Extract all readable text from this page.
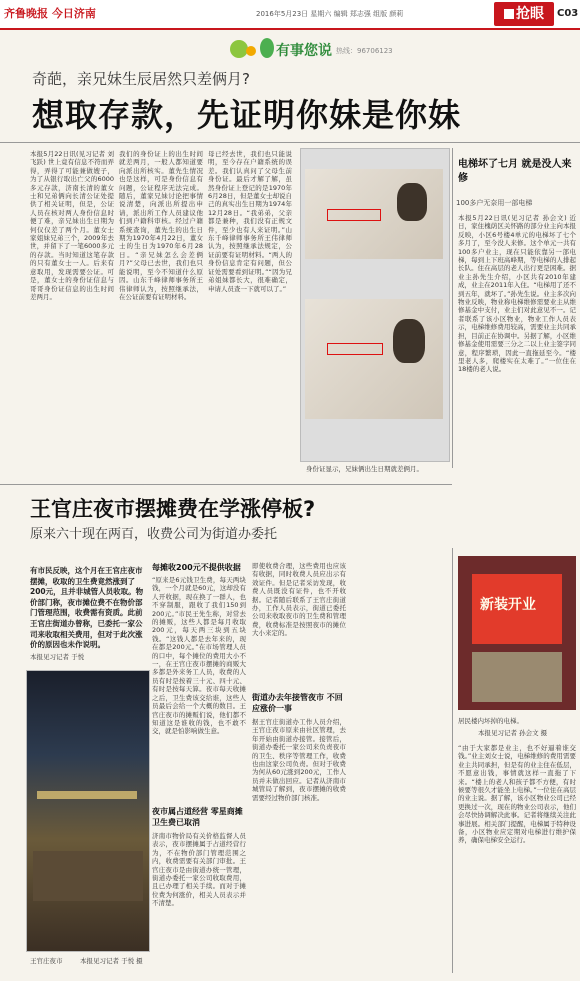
齐鲁晚报 今日济南	2016年5月23日 星期六 编辑 郑志强 组版 颜莉	抢眼	C03
有事您说 热线：96706123
奇葩，亲兄妹生辰居然只差俩月?
想取存款，先证明你妹是你妹
本报5月22日讯(见习记者 刘飞跃) 世上竟有信息不符而弄得，弄得了可能兼做嫂子，为了从银行取出亡父的6000多元存款，济南长清的董女士和兄弟俩向长清公证处提供了相关证明，但是，公证人员在核对两人身份信息时便了难，亲兄妹出生日期为何仅仅差了两个月。董女士家姐妹兄弟三个，2009年去世，并留下了一笔6000多元的存款。当时知道这笔存款的只有董女士一人。后来有意取用，发现需要公证。可是，董女士的身份证信息与哥哥身份证信息的出生时间差两月。
我们的身份证上的出生时间就差两月，一般人都知道要向派出所核实。董先生情况也是这样，可是身份信息有问题，公证程序无法完成。随后，董家兄妹讨论把事情说清楚，向派出所提出申请，派出所工作人员建议他们到户籍科审核。经过户籍系统查询，董先生的出生日期为1970年4月22日，董女士的生日为1970年6月28日。“亲兄妹怎么会差俩月?”父母已去世，我们也只能说明，至今不知道什么原因。山东千峰律师事务所王伟律师认为，按照继承法，在公证前要有证明材料。
母已经去世，我们也只能说明，至今存在户籍系统的误差。我们认真问了父母生前身份证。最后才解了解，虽然身份证上登记的是1970年6月28日，但是董女士却说自己的真实出生日期为1974年12月28日。“我弟弟，父亲都是兼种，我们没有正规文件，至少也有人来证明。”山东千峰律师事务所王伟律师认为，按照继承法规定，公证前要有证明材料。“两人的身份信息肯定有问题，但公证处需要看到证明。”“因为兄弟姐妹都长大，很难确定，申请人员查一下就可以了。”
身份证显示，兄妹俩出生日期就差俩月。
电梯坏了七月 就是没人来修
100多户无奈用一部电梯
本报5月22日讯(见习记者 孙会文) 近日，家住槐荫区关怀路的部分业主向本报反映，小区6号楼4单元的电梯坏了七个多月了，至今没人来修。这个单元一共有100多户业主，现在只能依靠另一部电梯，每到上下班高峰期，等电梯的人排起长队。住在高层的老人出行更是困难。据业主孙先生介绍，小区共有2010年建成，业主在2011年入住。“电梯用了还不到五年，就坏了。”孙先生说。业主多次向物业反映，物业称电梯维修需要业主从维修基金中支付，业主们对此意见不一。记者联系了该小区物业，物业工作人员表示，电梯维修费用较高，需要业主共同承担，目前正在协调中。另据了解，小区维修基金使用需要三分之二以上业主签字同意，程序繁琐，因此一直拖延至今。“楼里老人多，爬楼实在太难了。”一位住在18楼的老人说。
王官庄夜市摆摊费在学涨停板?
原来六十现在两百，收费公司为街道办委托
有市民反映，这个月在王官庄夜市摆摊，收取的卫生费竟然涨到了200元，且并非城管人员收取。物价部门称，夜市摊位费不在物价部门管理范围，收费需有资质。此前王官庄街道办曾称，已委托一家公司来收取相关费用，但对于此次涨价的原因也未作说明。
本报见习记者 于悦
王官庄夜市	本报见习记者 于悦 摄
每摊收200元不提供收据
“原来是6元钱卫生费，每天两块钱，一个月就是60元，这却没有人开收据，现在换了一群人，也不穿制服，跟收了我们150到200元。”市民王先生称，对常去的摊贩，这些人都是每月收取200元，每天两三块到五块钱。“这钱人都是去年来的，现在都是200元。”在市场管理人员的口中，每个摊位的费用大小不一，在王官庄夜市摆摊的商贩大多都是外来务工人员，收费的人员有时是按着三十元、四十元、有时是按每天算。夜市每天收摊之后，卫生费该交给谁，这些人员最后会给一个大概的数目。王官庄夜市的摊贩们说，他们都不知道这是谁收的钱，也不敢不交，就是怕影响做生意。
夜市属占道经营 零星商摊卫生费已取消
济南市物价局有关价格监督人员表示，夜市摆摊属于占道经营行为，不在物价部门管理范围之内，收费需要有关部门审批。王官庄夜市是由街道办统一管理，街道办委托一家公司收取费用，且已办理了相关手续。而对于摊位费为何涨价，相关人员表示并不清楚。
即使收费合理，这些费用也应该有收据，同时收费人员应出示有效证件。但是记者采访发现，收费人员既没有证件，也不开收据。记者随后联系了王官庄街道办，工作人员表示，街道已委托公司来收取夜市的卫生费和管理费，收费标准是按照夜市的摊位大小来定的。
街道办去年接管夜市 不回应涨价一事
据王官庄街道办工作人员介绍，王官庄夜市原来由社区管理，去年开始由街道办接管。接管后，街道办委托一家公司来负责夜市的卫生、秩序等管理工作，收费也由这家公司负责。但对于收费为何从60元涨到200元，工作人员并未做出回应。记者从济南市城管局了解到，夜市摆摊的收费需要经过物价部门核准。
新装开业
居民楼内坏掉的电梯。
本报见习记者 孙会文 摄
“由于大家都是业主，也不好逼着谁交钱。”业主刘女士说，电梯维修的费用需要业主共同承担，但是有的业主住在低层，不愿意出钱，事情就这样一直拖了下来。“楼上的老人和孩子都不方便，有时候要等很久才能坐上电梯。”一位住在高层的业主说。据了解，该小区物业公司已经更换过一次，现在的物业公司表示，他们会尽快协调解决此事。记者将继续关注此事进展。相关部门提醒，电梯属于特种设备，小区物业应定期对电梯进行维护保养，确保电梯安全运行。
